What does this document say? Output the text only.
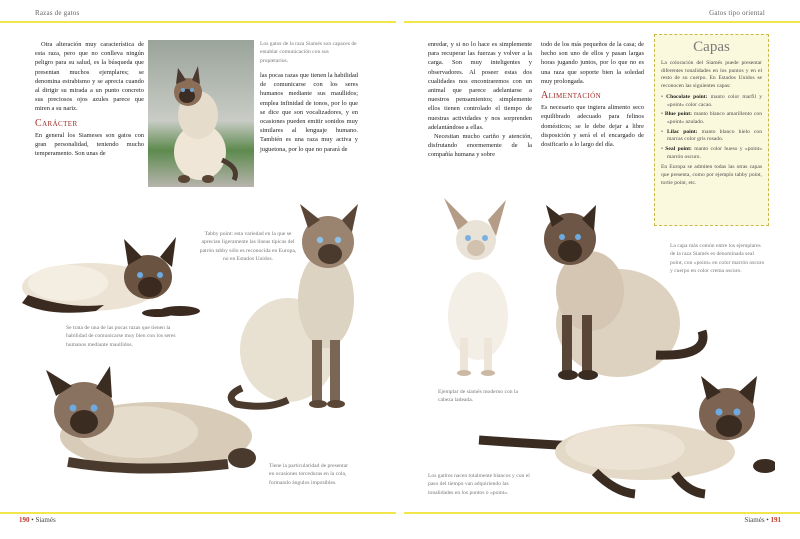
Razas de gatos	Gatos tipo oriental
190 • Siamés	Siamés • 191

Otra alteración muy característica de esta raza, pero que no conlleva ningún peligro para su salud, es la búsqueda que presentan muchos ejemplares; se denomina estrabismo y se aprecia cuando al dirigir su mirada a un punto concreto sus preciosos ojos azules parece que miren a su nariz.

Carácter

En general los Siameses son gatos con gran personalidad, teniendo mucho temperamento. Son unas de

Los gatos de la raza Siamés son capaces de entablar comunicación con sus propietarios.

las pocas razas que tienen la habilidad de comunicarse con los seres humanos mediante sus maullidos; emplea infinidad de tonos, por lo que se dice que son vocalizadores, y en ocasiones pueden emitir sonidos muy similares al lenguaje humano. También es una raza muy activa y juguetona, por lo que no parará de

enredar, y si no lo hace es simplemente para recuperar las fuerzas y volver a la carga. Son muy inteligentes y observadores. Al poseer estas dos cualidades nos encontraremos con un animal que parece adelantarse a nuestros pensamientos; simplemente ellos tienen controlado el tiempo de nuestras actividades y nos sorprenden adelantándose a ellas.

Necesitan mucho cariño y atención, disfrutando enormemente de la compañía humana y sobre

todo de los más pequeños de la casa; de hecho son uno de ellos y pasan largas horas jugando juntos, por lo que no es una raza que soporte bien la soledad muy prolongada.

Alimentación

Es necesario que ingiera alimento seco equilibrado adecuado para felinos domésticos; se le debe dejar a libre disposición y será el el encargado de dosificarlo a lo largo del día.

Capas

La coloración del Siamés puede presentar diferentes tonalidades en los puntos y en el resto de su cuerpo. En Estados Unidos se reconocen las siguientes capas:

• Chocolate point: manto color marfil y «point» color cacao.
• Blue point: manto blanco amarillento con «point» azulado.
• Lilac point: manto blanco hielo con marcas color gris rosado.
• Seal point: manto color hueso y «point» marrón oscuro.

En Europa se admiten todas las otras capas que presenta, como por ejemplo tabby point, tortie point, etc.

Tabby point: esta variedad en la que se aprecian ligeramente las líneas típicas del patrón tabby sólo es reconocida en Europa, no en Estados Unidos.
Se trata de una de las pocas razas que tienen la habilidad de comunicarse muy bien con los seres humanos mediante maullidos.
Tiene la particularidad de presentar en ocasiones torceduras en la cola, formando ángulos imposibles.
Ejemplar de siamés moderno con la cabeza ladeada.
La capa más común entre los ejemplares de la raza Siamés es denominada seal point, con «point» en color marrón oscuro y cuerpo en color crema oscuro.
Los gatitos nacen totalmente blancos y con el paso del tiempo van adquiriendo las tonalidades en los puntos o «point».
